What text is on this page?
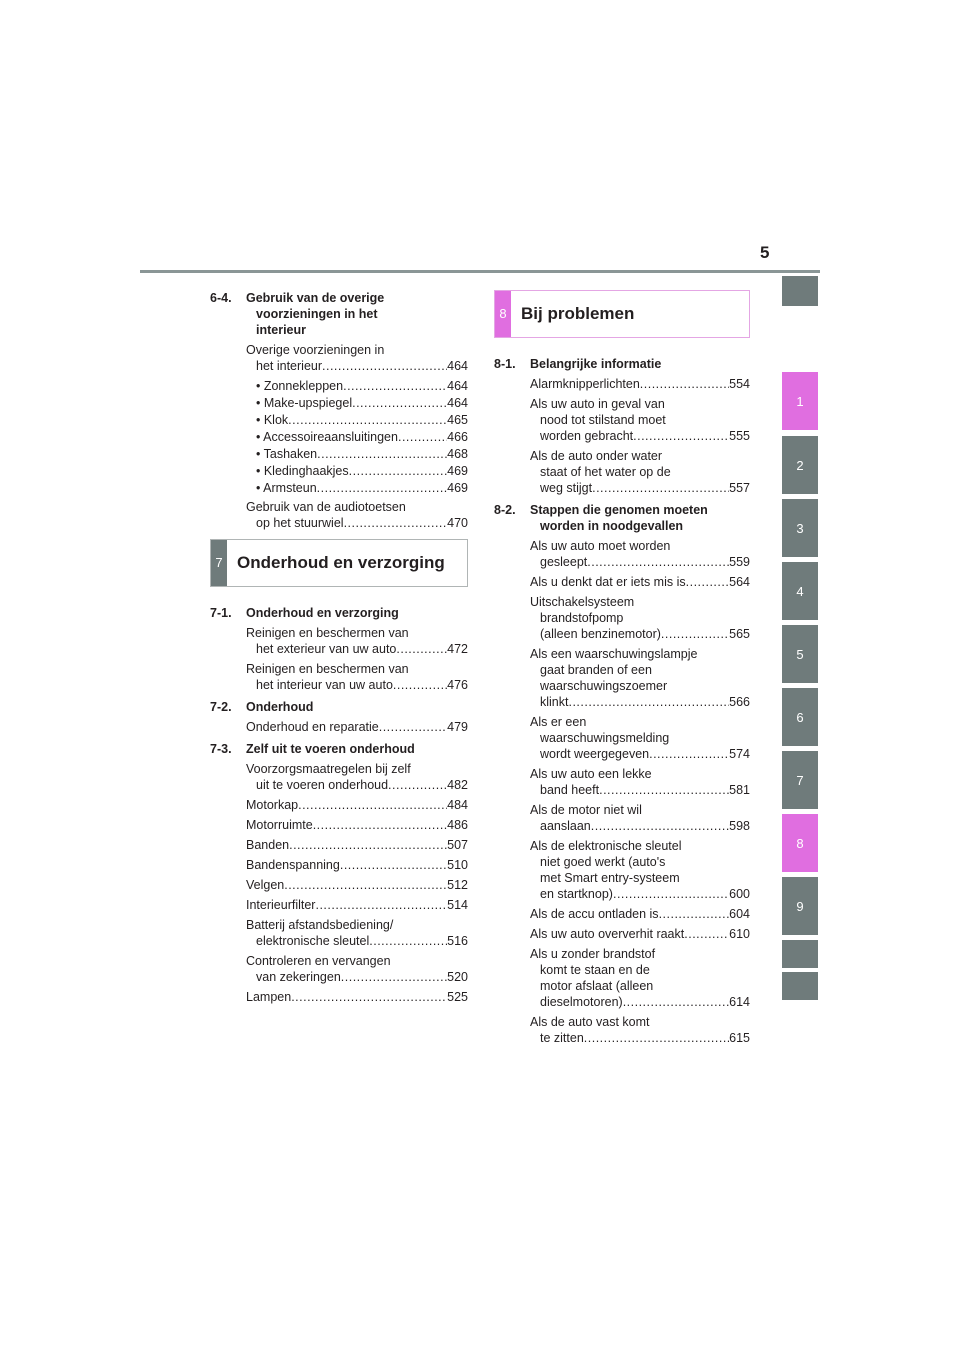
5
1
2
3
4
5
6
7
8
9
6-4.	Gebruik van de overige
voorzieningen in het
interieur
Overige voorzieningen in
het interieur .....	464
• Zonnekleppen .....	464
• Make-upspiegel .....	464
• Klok .....	465
• Accessoireaansluitingen .....	466
• Tashaken .....	468
• Kledinghaakjes .....	469
• Armsteun .....	469
Gebruik van de audiotoetsen
op het stuurwiel .....	470
7 Onderhoud en verzorging
7-1.	Onderhoud en verzorging
Reinigen en beschermen van
het exterieur van uw auto .....	472
Reinigen en beschermen van
het interieur van uw auto .....	476
7-2.	Onderhoud
Onderhoud en reparatie .....	479
7-3.	Zelf uit te voeren onderhoud
Voorzorgsmaatregelen bij zelf
uit te voeren onderhoud .....	482
Motorkap .....	484
Motorruimte .....	486
Banden .....	507
Bandenspanning .....	510
Velgen .....	512
Interieurfilter .....	514
Batterij afstandsbediening/
elektronische sleutel .....	516
Controleren en vervangen
van zekeringen .....	520
Lampen .....	525
8 Bij problemen
8-1.	Belangrijke informatie
Alarmknipperlichten .....	554
Als uw auto in geval van
nood tot stilstand moet
worden gebracht .....	555
Als de auto onder water
staat of het water op de
weg stijgt .....	557
8-2.	Stappen die genomen moeten
worden in noodgevallen
Als uw auto moet worden
gesleept .....	559
Als u denkt dat er iets mis is .....	564
Uitschakelsysteem
brandstofpomp
(alleen benzinemotor) .....	565
Als een waarschuwingslampje
gaat branden of een
waarschuwingszoemer
klinkt .....	566
Als er een
waarschuwingsmelding
wordt weergegeven .....	574
Als uw auto een lekke
band heeft .....	581
Als de motor niet wil
aanslaan .....	598
Als de elektronische sleutel
niet goed werkt (auto's
met Smart entry-systeem
en startknop) .....	600
Als de accu ontladen is .....	604
Als uw auto oververhit raakt .....	610
Als u zonder brandstof
komt te staan en de
motor afslaat (alleen
dieselmotoren) .....	614
Als de auto vast komt
te zitten .....	615
